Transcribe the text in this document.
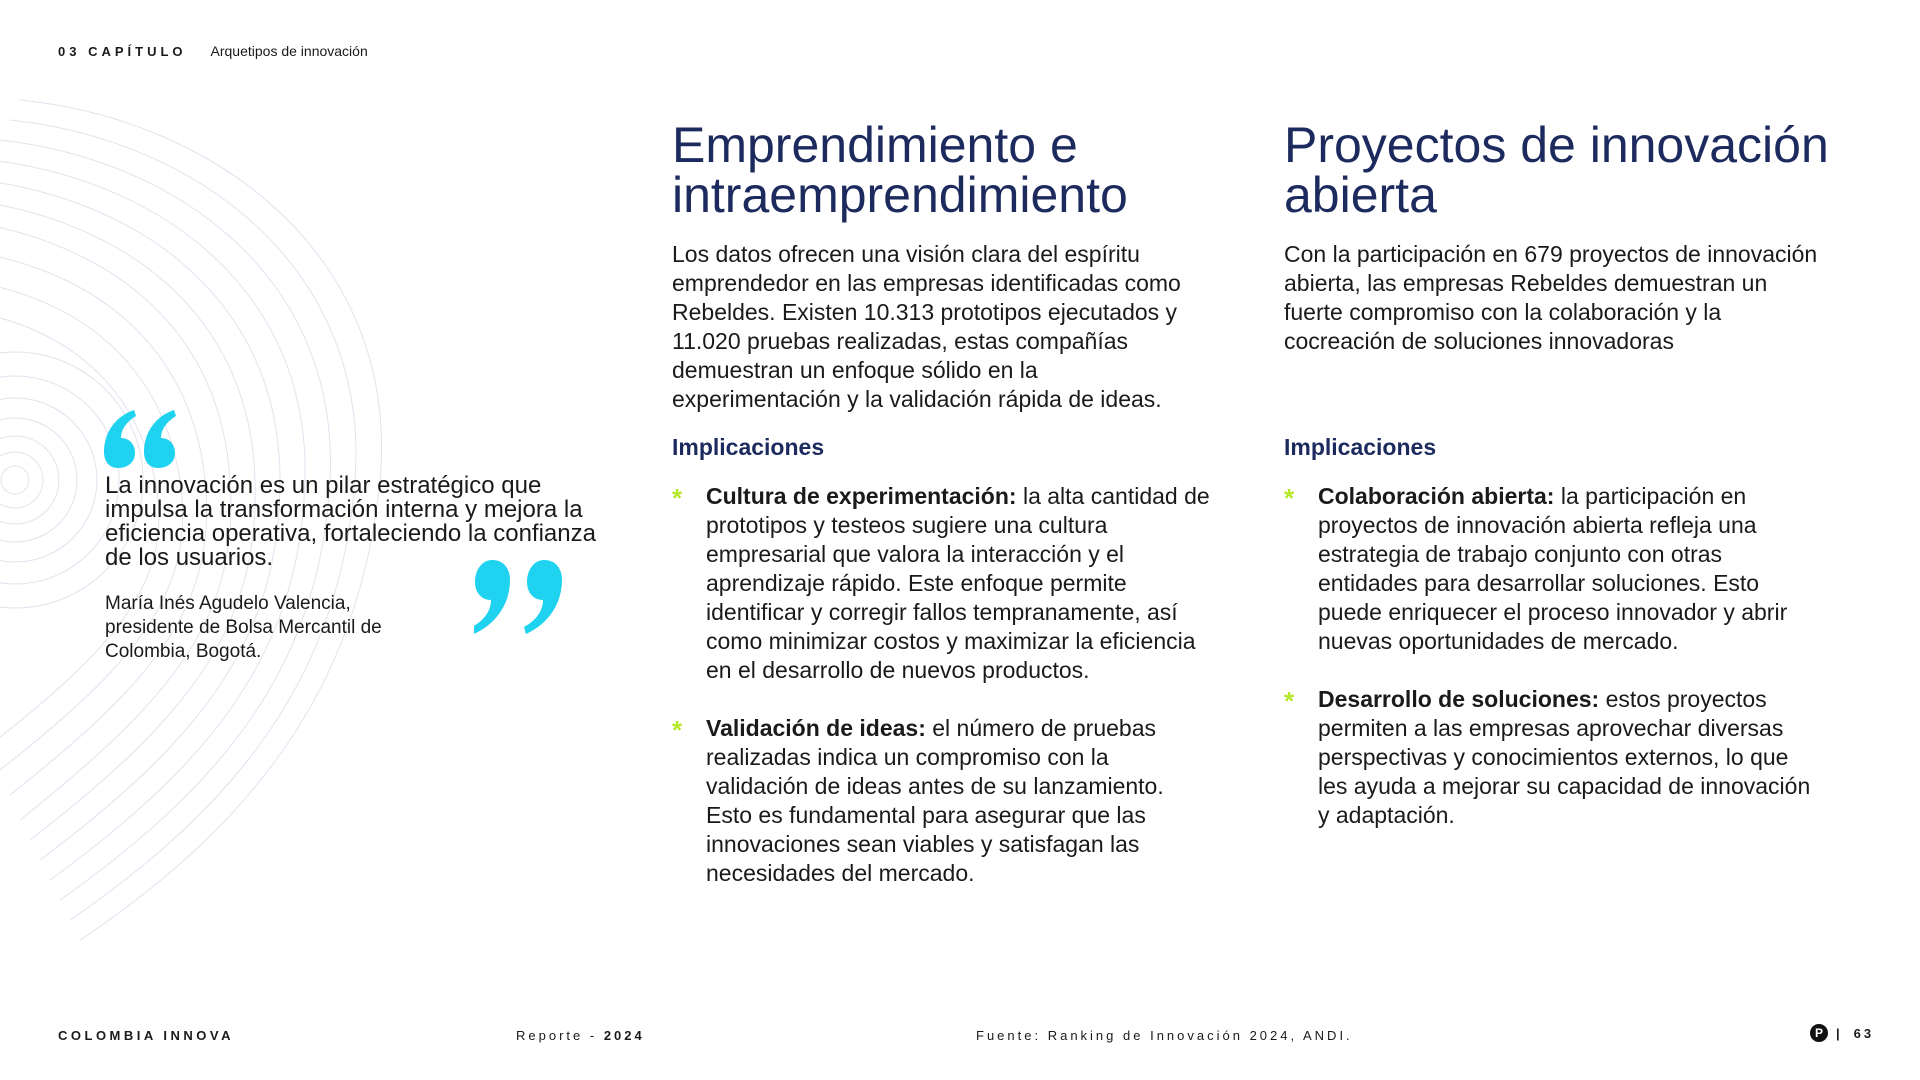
03 CAPÍTULO Arquetipos de innovación
La innovación es un pilar estratégico que impulsa la transformación interna y mejora la eficiencia operativa, fortaleciendo la confianza de los usuarios.
María Inés Agudelo Valencia, presidente de Bolsa Mercantil de Colombia, Bogotá.
Emprendimiento e intraemprendimiento

Los datos ofrecen una visión clara del espíritu emprendedor en las empresas identificadas como Rebeldes. Existen 10.313 prototipos ejecutados y 11.020 pruebas realizadas, estas compañías demuestran un enfoque sólido en la experimentación y la validación rápida de ideas.

Implicaciones
* Cultura de experimentación: la alta cantidad de prototipos y testeos sugiere una cultura empresarial que valora la interacción y el aprendizaje rápido. Este enfoque permite identificar y corregir fallos tempranamente, así como minimizar costos y maximizar la eficiencia en el desarrollo de nuevos productos.
* Validación de ideas: el número de pruebas realizadas indica un compromiso con la validación de ideas antes de su lanzamiento. Esto es fundamental para asegurar que las innovaciones sean viables y satisfagan las necesidades del mercado.
Proyectos de innovación abierta

Con la participación en 679 proyectos de innovación abierta, las empresas Rebeldes demuestran un fuerte compromiso con la colaboración y la cocreación de soluciones innovadoras

Implicaciones
* Colaboración abierta: la participación en proyectos de innovación abierta refleja una estrategia de trabajo conjunto con otras entidades para desarrollar soluciones. Esto puede enriquecer el proceso innovador y abrir nuevas oportunidades de mercado.
* Desarrollo de soluciones: estos proyectos permiten a las empresas aprovechar diversas perspectivas y conocimientos externos, lo que les ayuda a mejorar su capacidad de innovación y adaptación.
COLOMBIA INNOVA	Reporte - 2024	Fuente: Ranking de Innovación 2024, ANDI.	P	| 63
